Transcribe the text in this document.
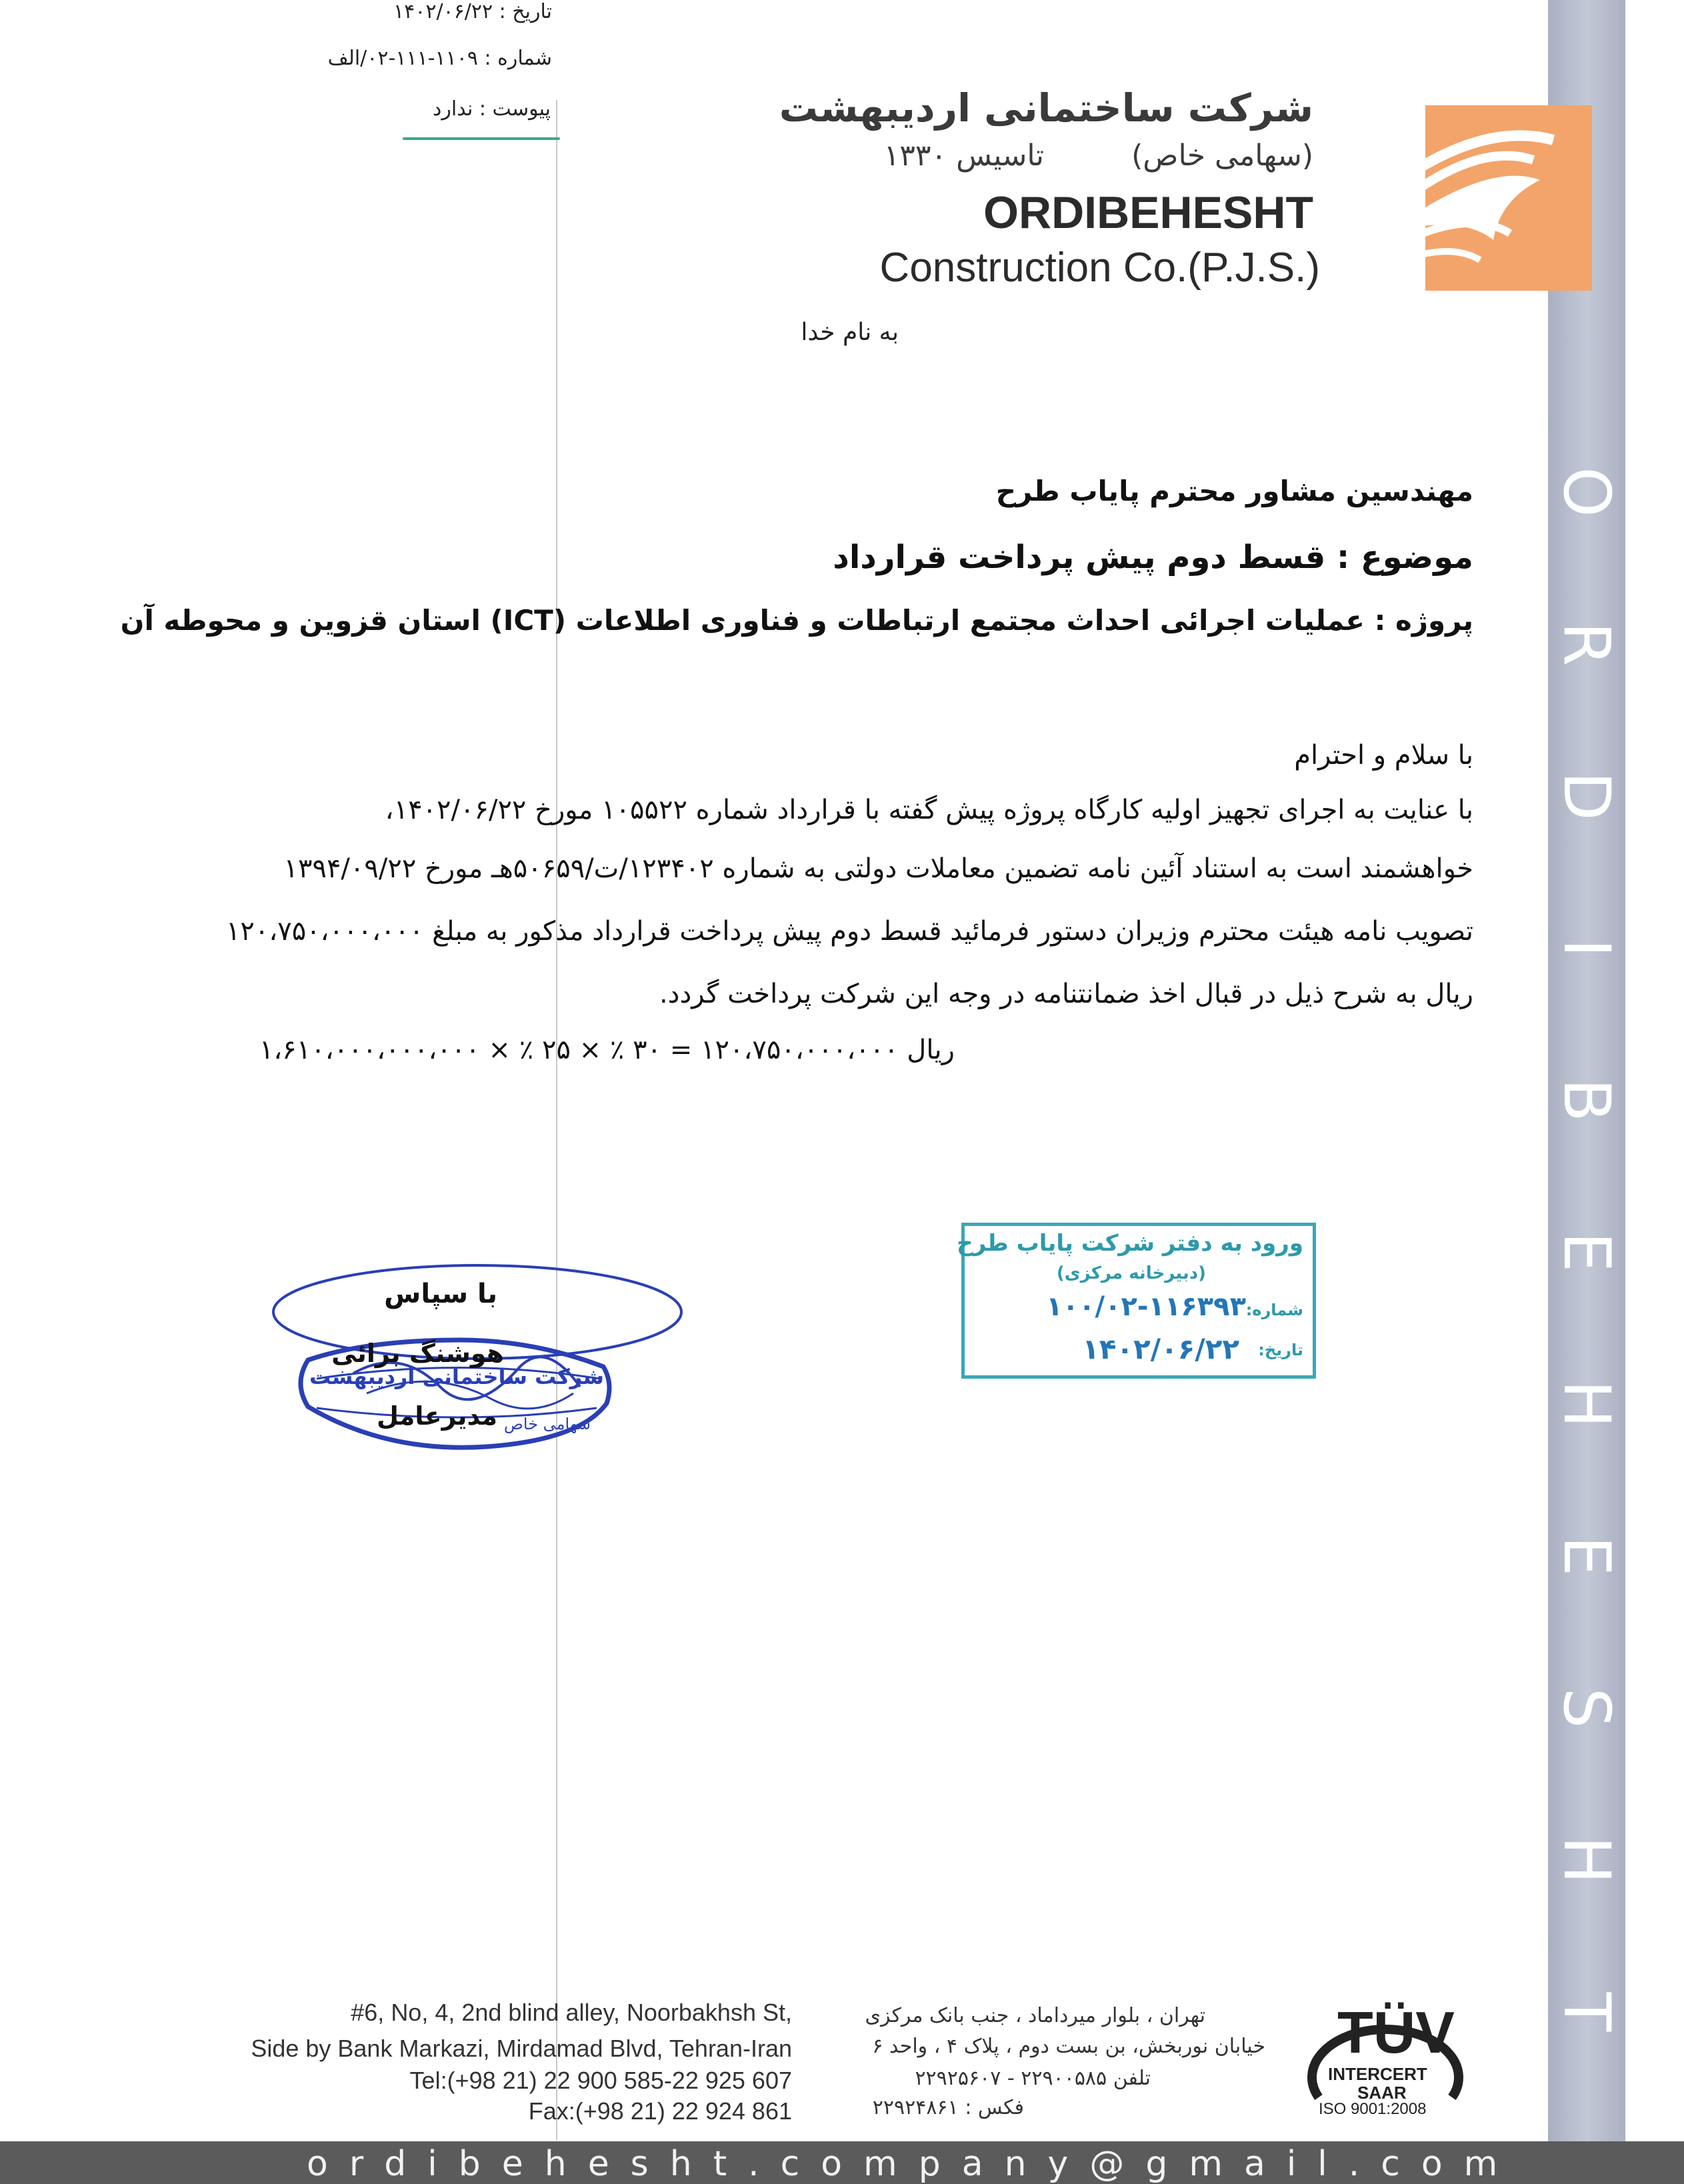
O
R
D
I
B
E
H
E
S
H
T
تاریخ : ۱۴۰۲/۰۶/۲۲
شماره : ۱۱۰۹-۱۱۱-۰۲/الف
پیوست : ندارد	شرکت ساختمانی اردیبهشت
(سهامی خاص)
تاسیس ۱۳۳۰
ORDIBEHESHT
Construction Co.(P.J.S.)
به نام خدا
مهندسین مشاور محترم پایاب طرح
موضوع : قسط دوم پیش پرداخت قرارداد
پروژه : عملیات اجرائی احداث مجتمع ارتباطات و فناوری اطلاعات (ICT) استان قزوین و محوطه آن
با سلام و احترام
با عنایت به اجرای تجهیز اولیه کارگاه پروژه پیش گفته با قرارداد شماره ۱۰۵۵۲۲ مورخ ۱۴۰۲/۰۶/۲۲،
خواهشمند است به استناد آئین نامه تضمین معاملات دولتی به شماره ۱۲۳۴۰۲/ت/۵۰۶۵۹هـ مورخ ۱۳۹۴/۰۹/۲۲
تصویب نامه هیئت محترم وزیران دستور فرمائید قسط دوم پیش پرداخت قرارداد مذکور به مبلغ ۱۲۰،۷۵۰،۰۰۰،۰۰۰
ریال به شرح ذیل در قبال اخذ ضمانتنامه در وجه این شرکت پرداخت گردد.
ریال ۱۲۰،۷۵۰،۰۰۰،۰۰۰ = ۳۰ ٪ × ۲۵ ٪ × ۱،۶۱۰،۰۰۰،۰۰۰،۰۰۰
ورود به دفتر شرکت پایاب طرح
(دبیرخانه مرکزی)
شماره:
۱۰۰/۰۲-۱۱۶۳۹۳
تاریخ:
۱۴۰۲/۰۶/۲۲
با سپاس
هوشنگ برائی
شرکت ساختمانی اردیبهشت
مدیرعامل سهامی خاص
#6, No, 4, 2nd blind alley, Noorbakhsh St,
Side by Bank Markazi, Mirdamad Blvd, Tehran-Iran
Tel:(+98 21) 22 900 585-22 925 607
Fax:(+98 21) 22 924 861
تهران ، بلوار میرداماد ، جنب بانک مرکزی
خیابان نوربخش، بن بست دوم ، پلاک ۴ ، واحد ۶
تلفن ۲۲۹۰۰۵۸۵ - ۲۲۹۲۵۶۰۷
فکس : ۲۲۹۲۴۸۶۱
TÜV
INTERCERT
SAAR
ISO 9001:2008
ordibehesht.company@gmail.com
